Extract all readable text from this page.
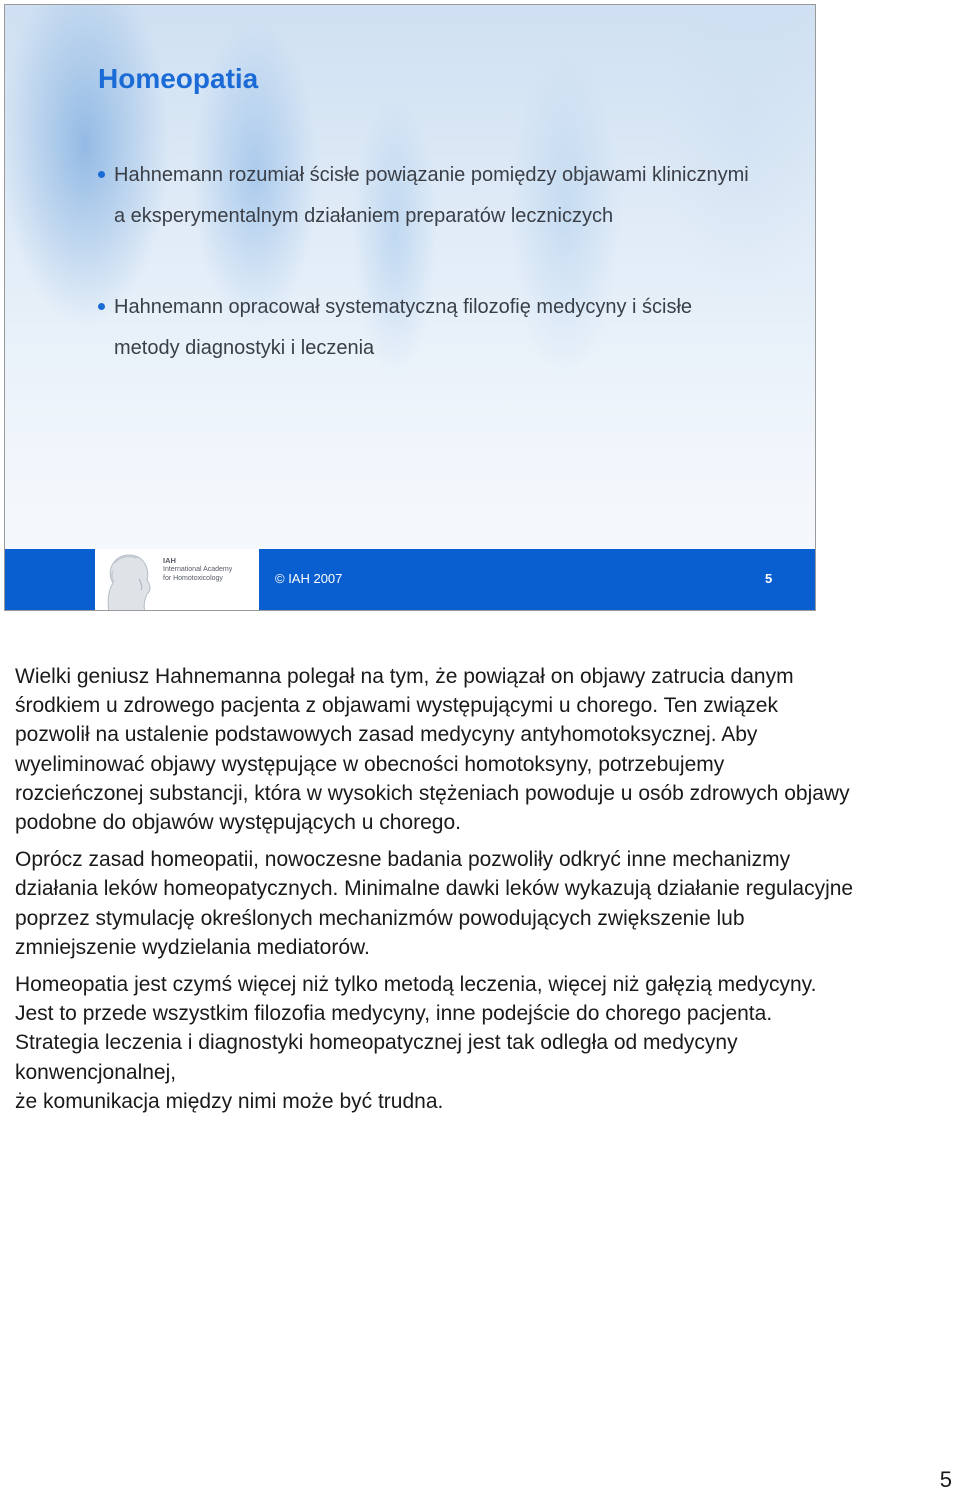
Homeopatia
Hahnemann rozumiał ścisłe powiązanie pomiędzy objawami klinicznymi a eksperymentalnym działaniem preparatów leczniczych
Hahnemann opracował systematyczną filozofię medycyny i ścisłe metody diagnostyki i leczenia
IAH
International Academy
for Homotoxicology	© IAH 2007	5

Wielki geniusz Hahnemanna polegał na tym, że powiązał on objawy zatrucia danym środkiem u zdrowego pacjenta z objawami występującymi u chorego. Ten związek pozwolił na ustalenie podstawowych zasad medycyny antyhomotoksycznej. Aby wyeliminować objawy występujące w obecności homotoksyny, potrzebujemy rozcieńczonej substancji, która w wysokich stężeniach powoduje u osób zdrowych objawy podobne do objawów występujących u chorego.

Oprócz zasad homeopatii, nowoczesne badania pozwoliły odkryć inne mechanizmy działania leków homeopatycznych. Minimalne dawki leków wykazują działanie regulacyjne poprzez stymulację określonych mechanizmów powodujących zwiększenie lub zmniejszenie wydzielania mediatorów.

Homeopatia jest czymś więcej niż tylko metodą leczenia, więcej niż gałęzią medycyny. Jest to przede wszystkim filozofia medycyny, inne podejście do chorego pacjenta. Strategia leczenia i diagnostyki homeopatycznej jest tak odległa od medycyny konwencjonalnej,
że komunikacja między nimi może być trudna.

5
